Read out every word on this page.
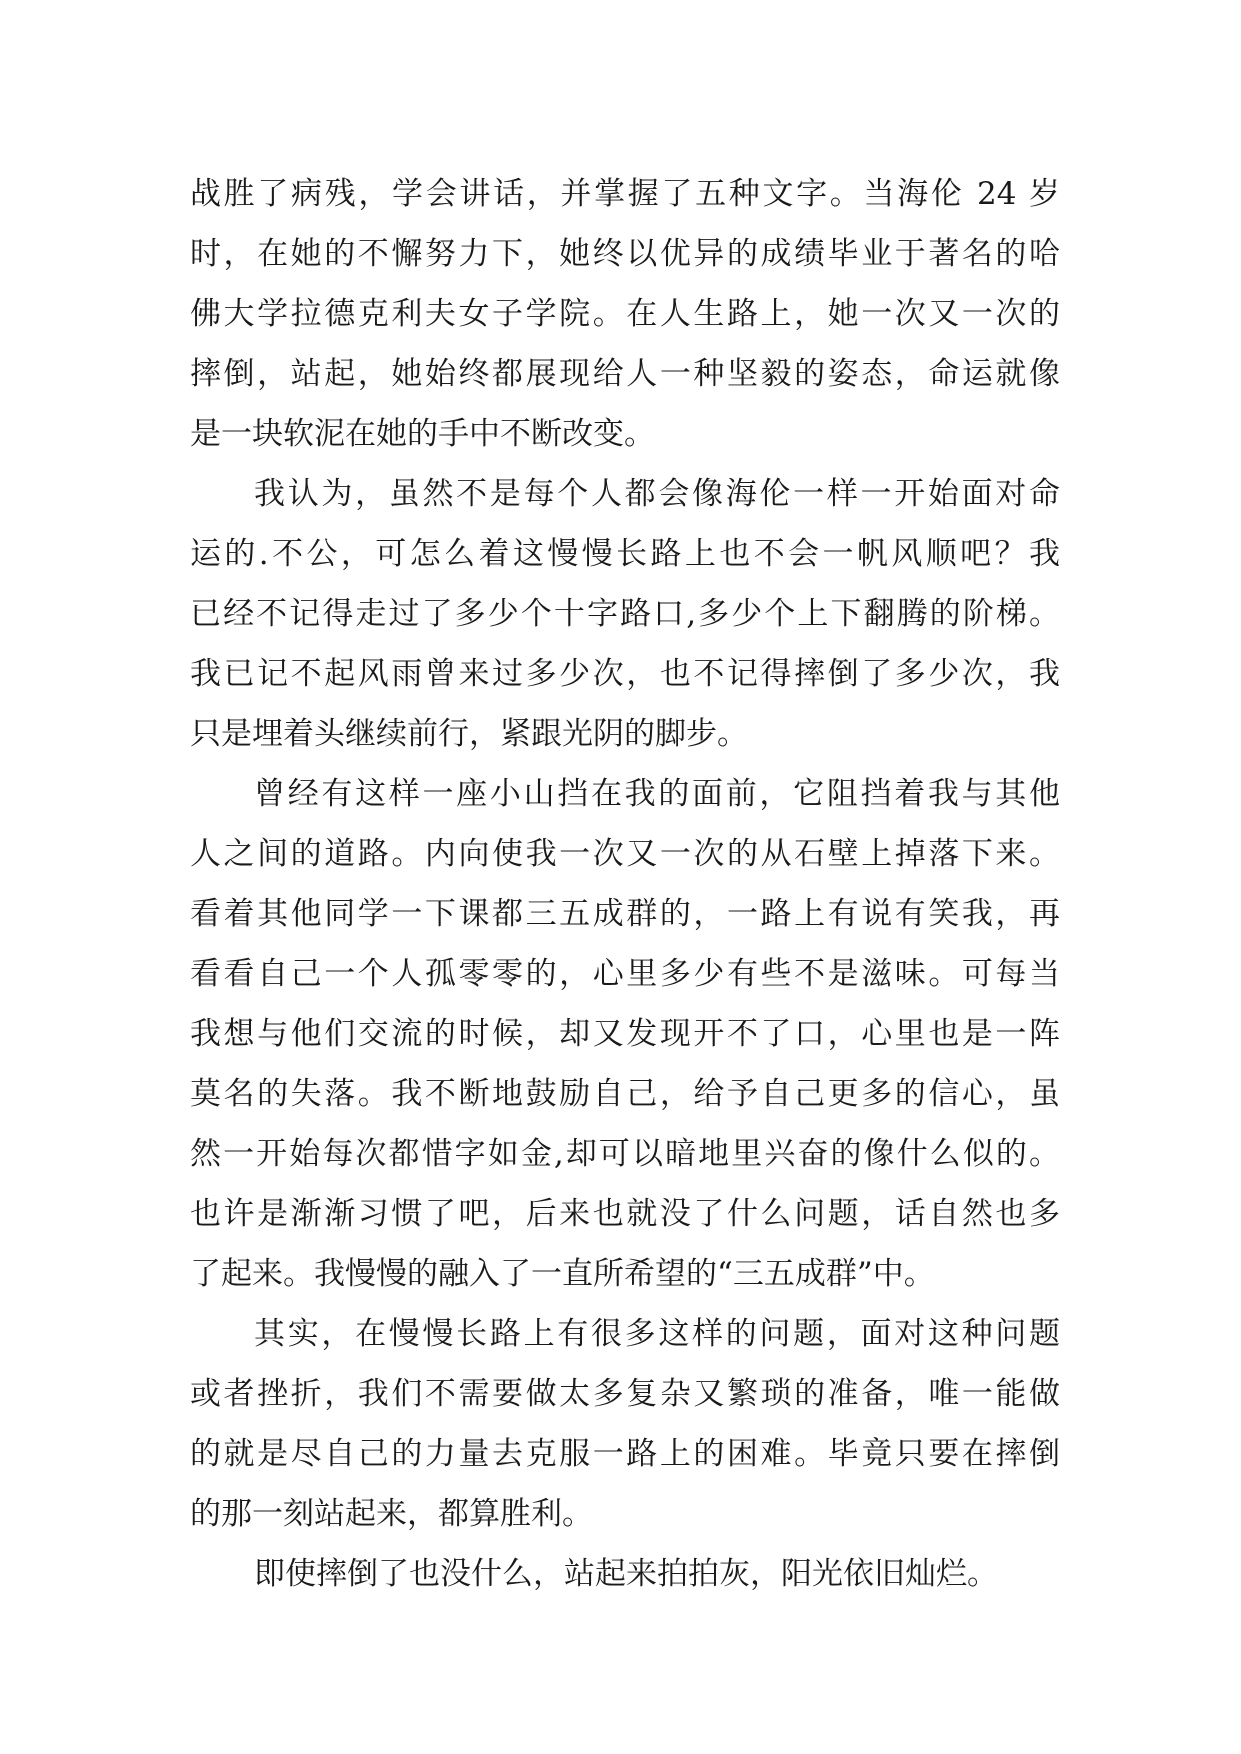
战胜了病残，学会讲话，并掌握了五种文字。当海伦 24 岁
时，在她的不懈努力下，她终以优异的成绩毕业于著名的哈
佛大学拉德克利夫女子学院。在人生路上，她一次又一次的
摔倒，站起，她始终都展现给人一种坚毅的姿态，命运就像
是一块软泥在她的手中不断改变。
我认为，虽然不是每个人都会像海伦一样一开始面对命
运的.不公，可怎么着这慢慢长路上也不会一帆风顺吧？我
已经不记得走过了多少个十字路口,多少个上下翻腾的阶梯。
我已记不起风雨曾来过多少次，也不记得摔倒了多少次，我
只是埋着头继续前行，紧跟光阴的脚步。
曾经有这样一座小山挡在我的面前，它阻挡着我与其他
人之间的道路。内向使我一次又一次的从石壁上掉落下来。
看着其他同学一下课都三五成群的，一路上有说有笑我，再
看看自己一个人孤零零的，心里多少有些不是滋味。可每当
我想与他们交流的时候，却又发现开不了口，心里也是一阵
莫名的失落。我不断地鼓励自己，给予自己更多的信心，虽
然一开始每次都惜字如金,却可以暗地里兴奋的像什么似的。
也许是渐渐习惯了吧，后来也就没了什么问题，话自然也多
了起来。我慢慢的融入了一直所希望的“三五成群”中。
其实，在慢慢长路上有很多这样的问题，面对这种问题
或者挫折，我们不需要做太多复杂又繁琐的准备，唯一能做
的就是尽自己的力量去克服一路上的困难。毕竟只要在摔倒
的那一刻站起来，都算胜利。
即使摔倒了也没什么，站起来拍拍灰，阳光依旧灿烂。
